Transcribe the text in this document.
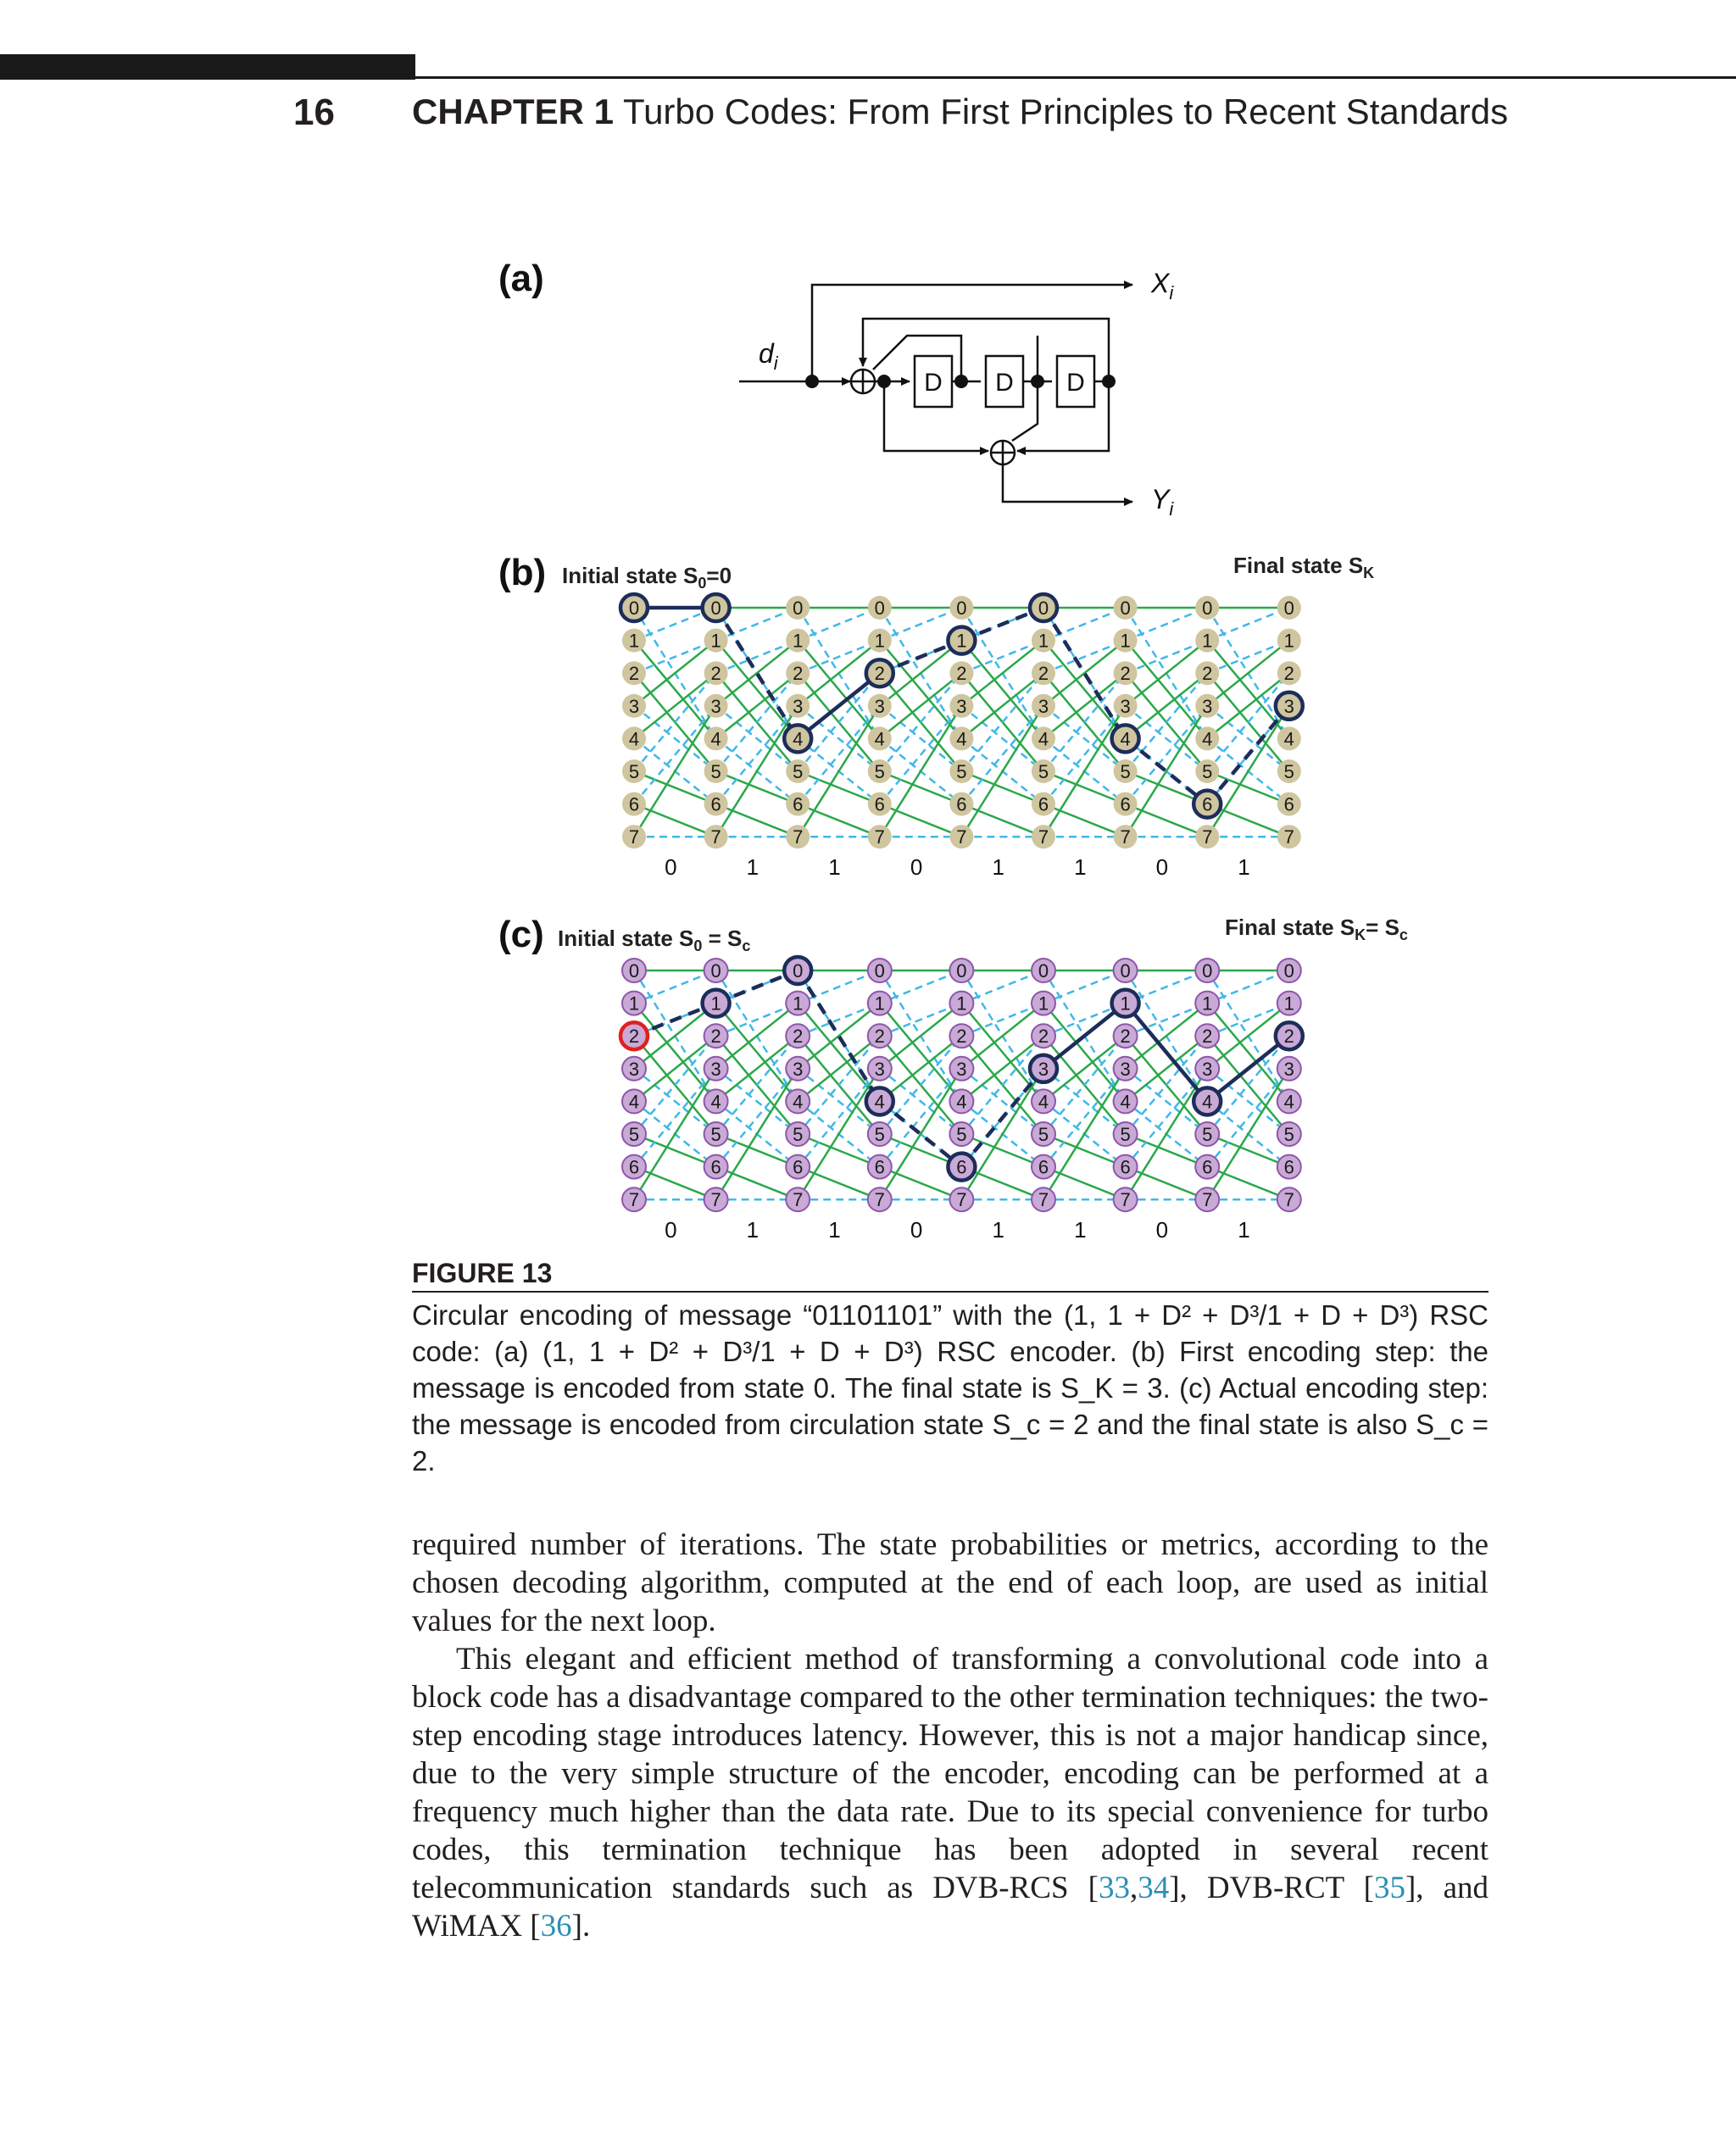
16 CHAPTER 1 Turbo Codes: From First Principles to Recent Standards
(a)
D D D
$d_i$
$X_i$
$Y_i$
(b) Initial state $S_0=0$	Final state $S_K$
0
1
2
3
4
5
6
7
0
1
2
3
4
5
6
7
0
1
2
3
4
5
6
7
0
1
2
3
4
5
6
7
0
1
2
3
4
5
6
7
0
1
2
3
4
5
6
7
0
1
2
3
4
5
6
7
0
1
2
3
4
5
6
7
0
1
2
3
4
5
6
7
0	1	1	0	1	1	0	1
(c) Initial state $S_0 = S_c$
Final state $S_K= S_c$
0
1
2
3
4
5
6
7
0
1
2
3
4
5
6
7
0
1
2
3
4
5
6
7
0
1
2
3
4
5
6
7
0
1
2
3
4
5
6
7
0
1
2
3
4
5
6
7
0
1
2
3
4
5
6
7
0
1
2
3
4
5
6
7
0
1
2
3
4
5
6
7
0	1	1	0	1	1	0	1
FIGURE 13
Circular encoding of message “01101101” with the (1, 1 + D² + D³/1 + D + D³) RSC code: (a) (1, 1 + D² + D³/1 + D + D³) RSC encoder. (b) First encoding step: the message is encoded from state 0. The final state is S_K = 3. (c) Actual encoding step: the message is encoded from circulation state S_c = 2 and the final state is also S_c = 2.

required number of iterations. The state probabilities or metrics, according to the chosen decoding algorithm, computed at the end of each loop, are used as initial values for the next loop.

This elegant and efficient method of transforming a convolutional code into a block code has a disadvantage compared to the other termination techniques: the two-step encoding stage introduces latency. However, this is not a major handicap since, due to the very simple structure of the encoder, encoding can be performed at a frequency much higher than the data rate. Due to its special convenience for turbo codes, this termination technique has been adopted in several recent telecommunication standards such as DVB-RCS [33,34], DVB-RCT [35], and WiMAX [36].
